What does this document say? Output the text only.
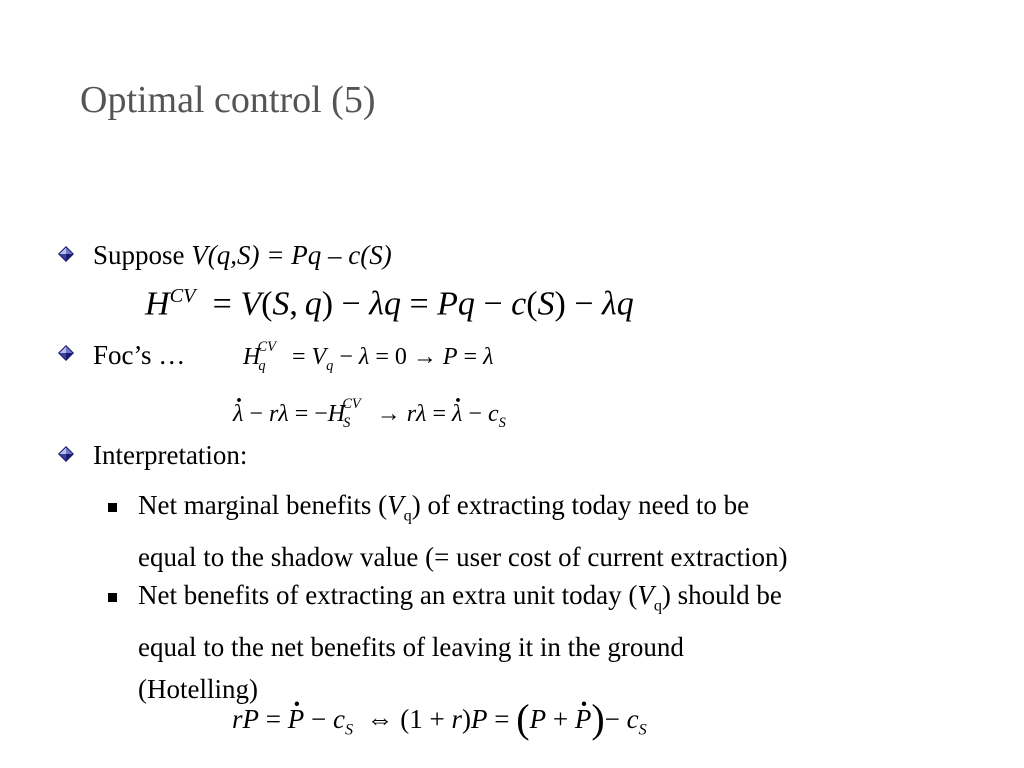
Optimal control (5)
Suppose V(q,S) = Pq – c(S)
$H^{CV} = V(S$, q) − λq = Pq − c(S) − λq
Foc’s … $H_q^{CV} = V_q - \lambda = 0 \to P = \lambda$
λ · − $r\lambda = -H_S^{CV} \to r\lambda = \lambda$ · − $c_S$
Interpretation:
Net marginal benefits $(V_q)$ of extracting today need to be
equal to the shadow value (= user cost of current extraction)
Net benefits of extracting an extra unit today $(V_q)$ should be
equal to the net benefits of leaving it in the ground
(Hotelling)
rP = P · − $c_S$  ⇔ (1 + r)P = (P + P ·)− $c_S$
